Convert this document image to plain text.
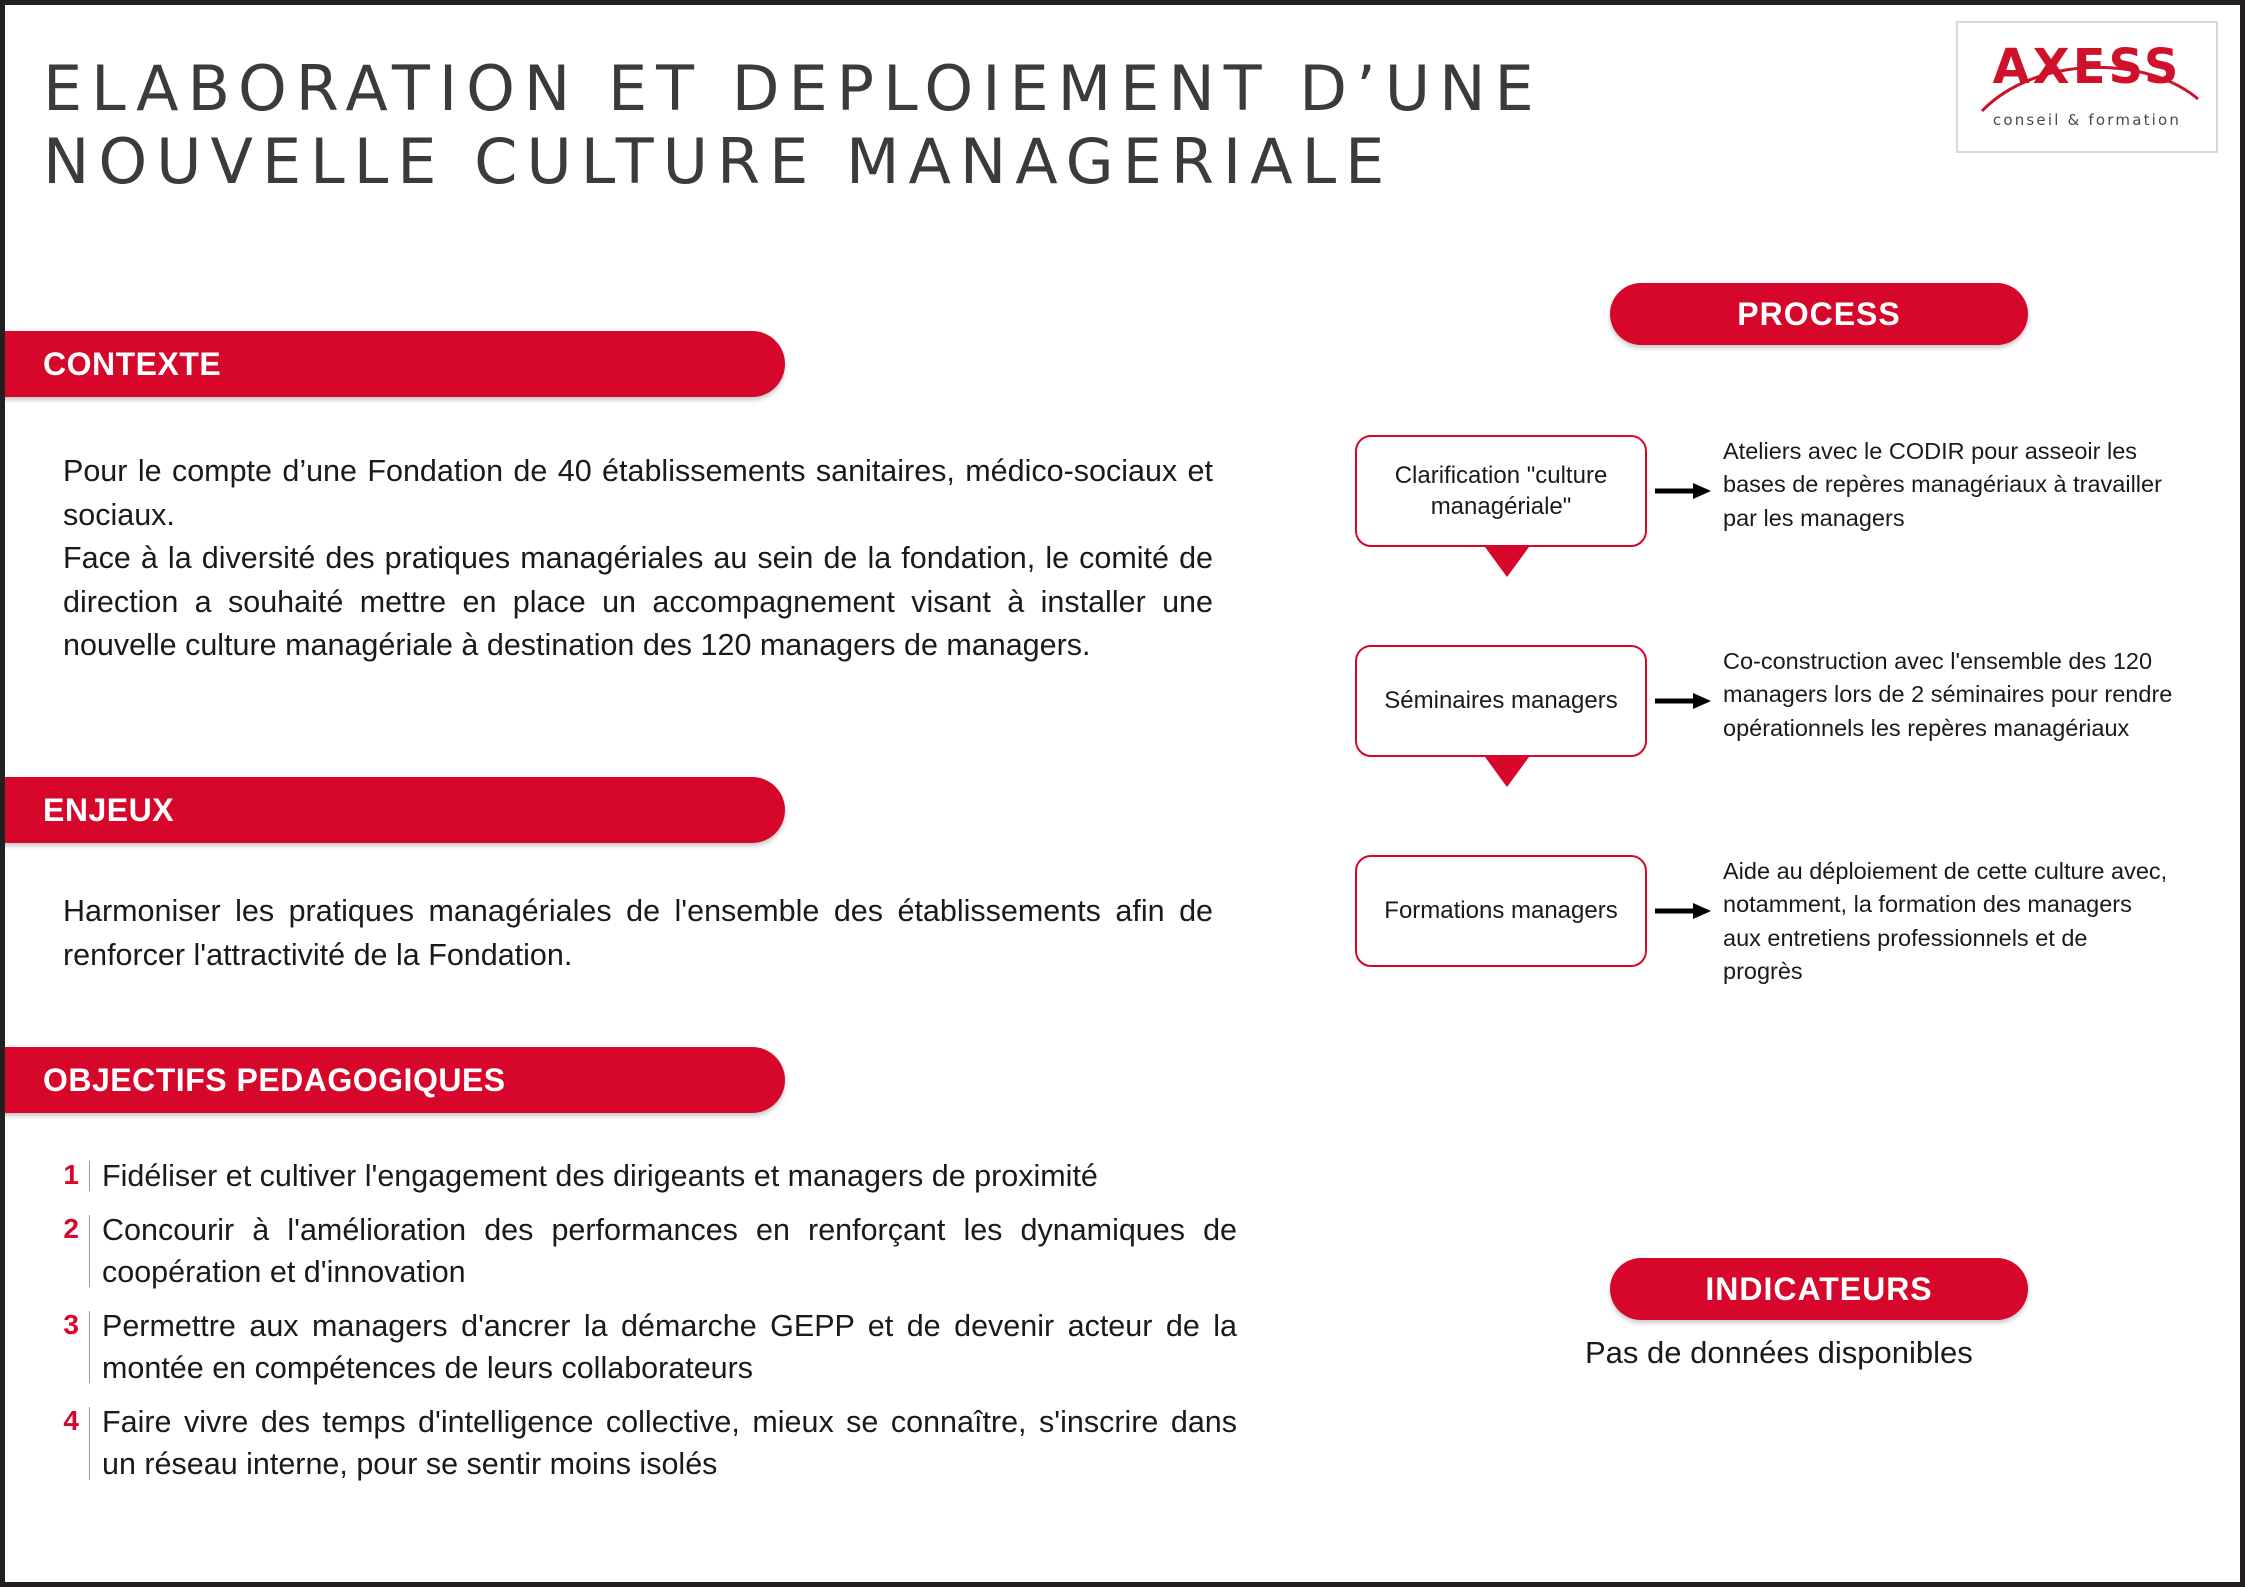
ELABORATION ET DEPLOIEMENT D’UNE
NOUVELLE CULTURE MANAGERIALE
AXESS
conseil & formation
CONTEXTE

Pour le compte d’une Fondation de 40 établissements sanitaires, médico-sociaux et sociaux.

Face à la diversité des pratiques managériales au sein de la fondation, le comité de direction a souhaité mettre en place un accompagnement visant à installer une nouvelle culture managériale à destination des 120 managers de managers.

ENJEUX

Harmoniser les pratiques managériales de l'ensemble des établissements afin de renforcer l'attractivité de la Fondation.

OBJECTIFS PEDAGOGIQUES
1 Fidéliser et cultiver l'engagement des dirigeants et managers de proximité
2 Concourir à l'amélioration des performances en renforçant les dynamiques de coopération et d'innovation
3 Permettre aux managers d'ancrer la démarche GEPP et de devenir acteur de la montée en compétences de leurs collaborateurs
4 Faire vivre des temps d'intelligence collective, mieux se connaître, s'inscrire dans un réseau interne, pour se sentir moins isolés
PROCESS
Clarification "culture managériale"
Ateliers avec le CODIR pour asseoir les bases de repères managériaux à travailler par les managers
Séminaires managers
Co-construction avec l'ensemble des 120 managers lors de 2 séminaires pour rendre opérationnels les repères managériaux
Formations managers
Aide au déploiement de cette culture avec, notamment, la formation des managers aux entretiens professionnels et de progrès
INDICATEURS
Pas de données disponibles
